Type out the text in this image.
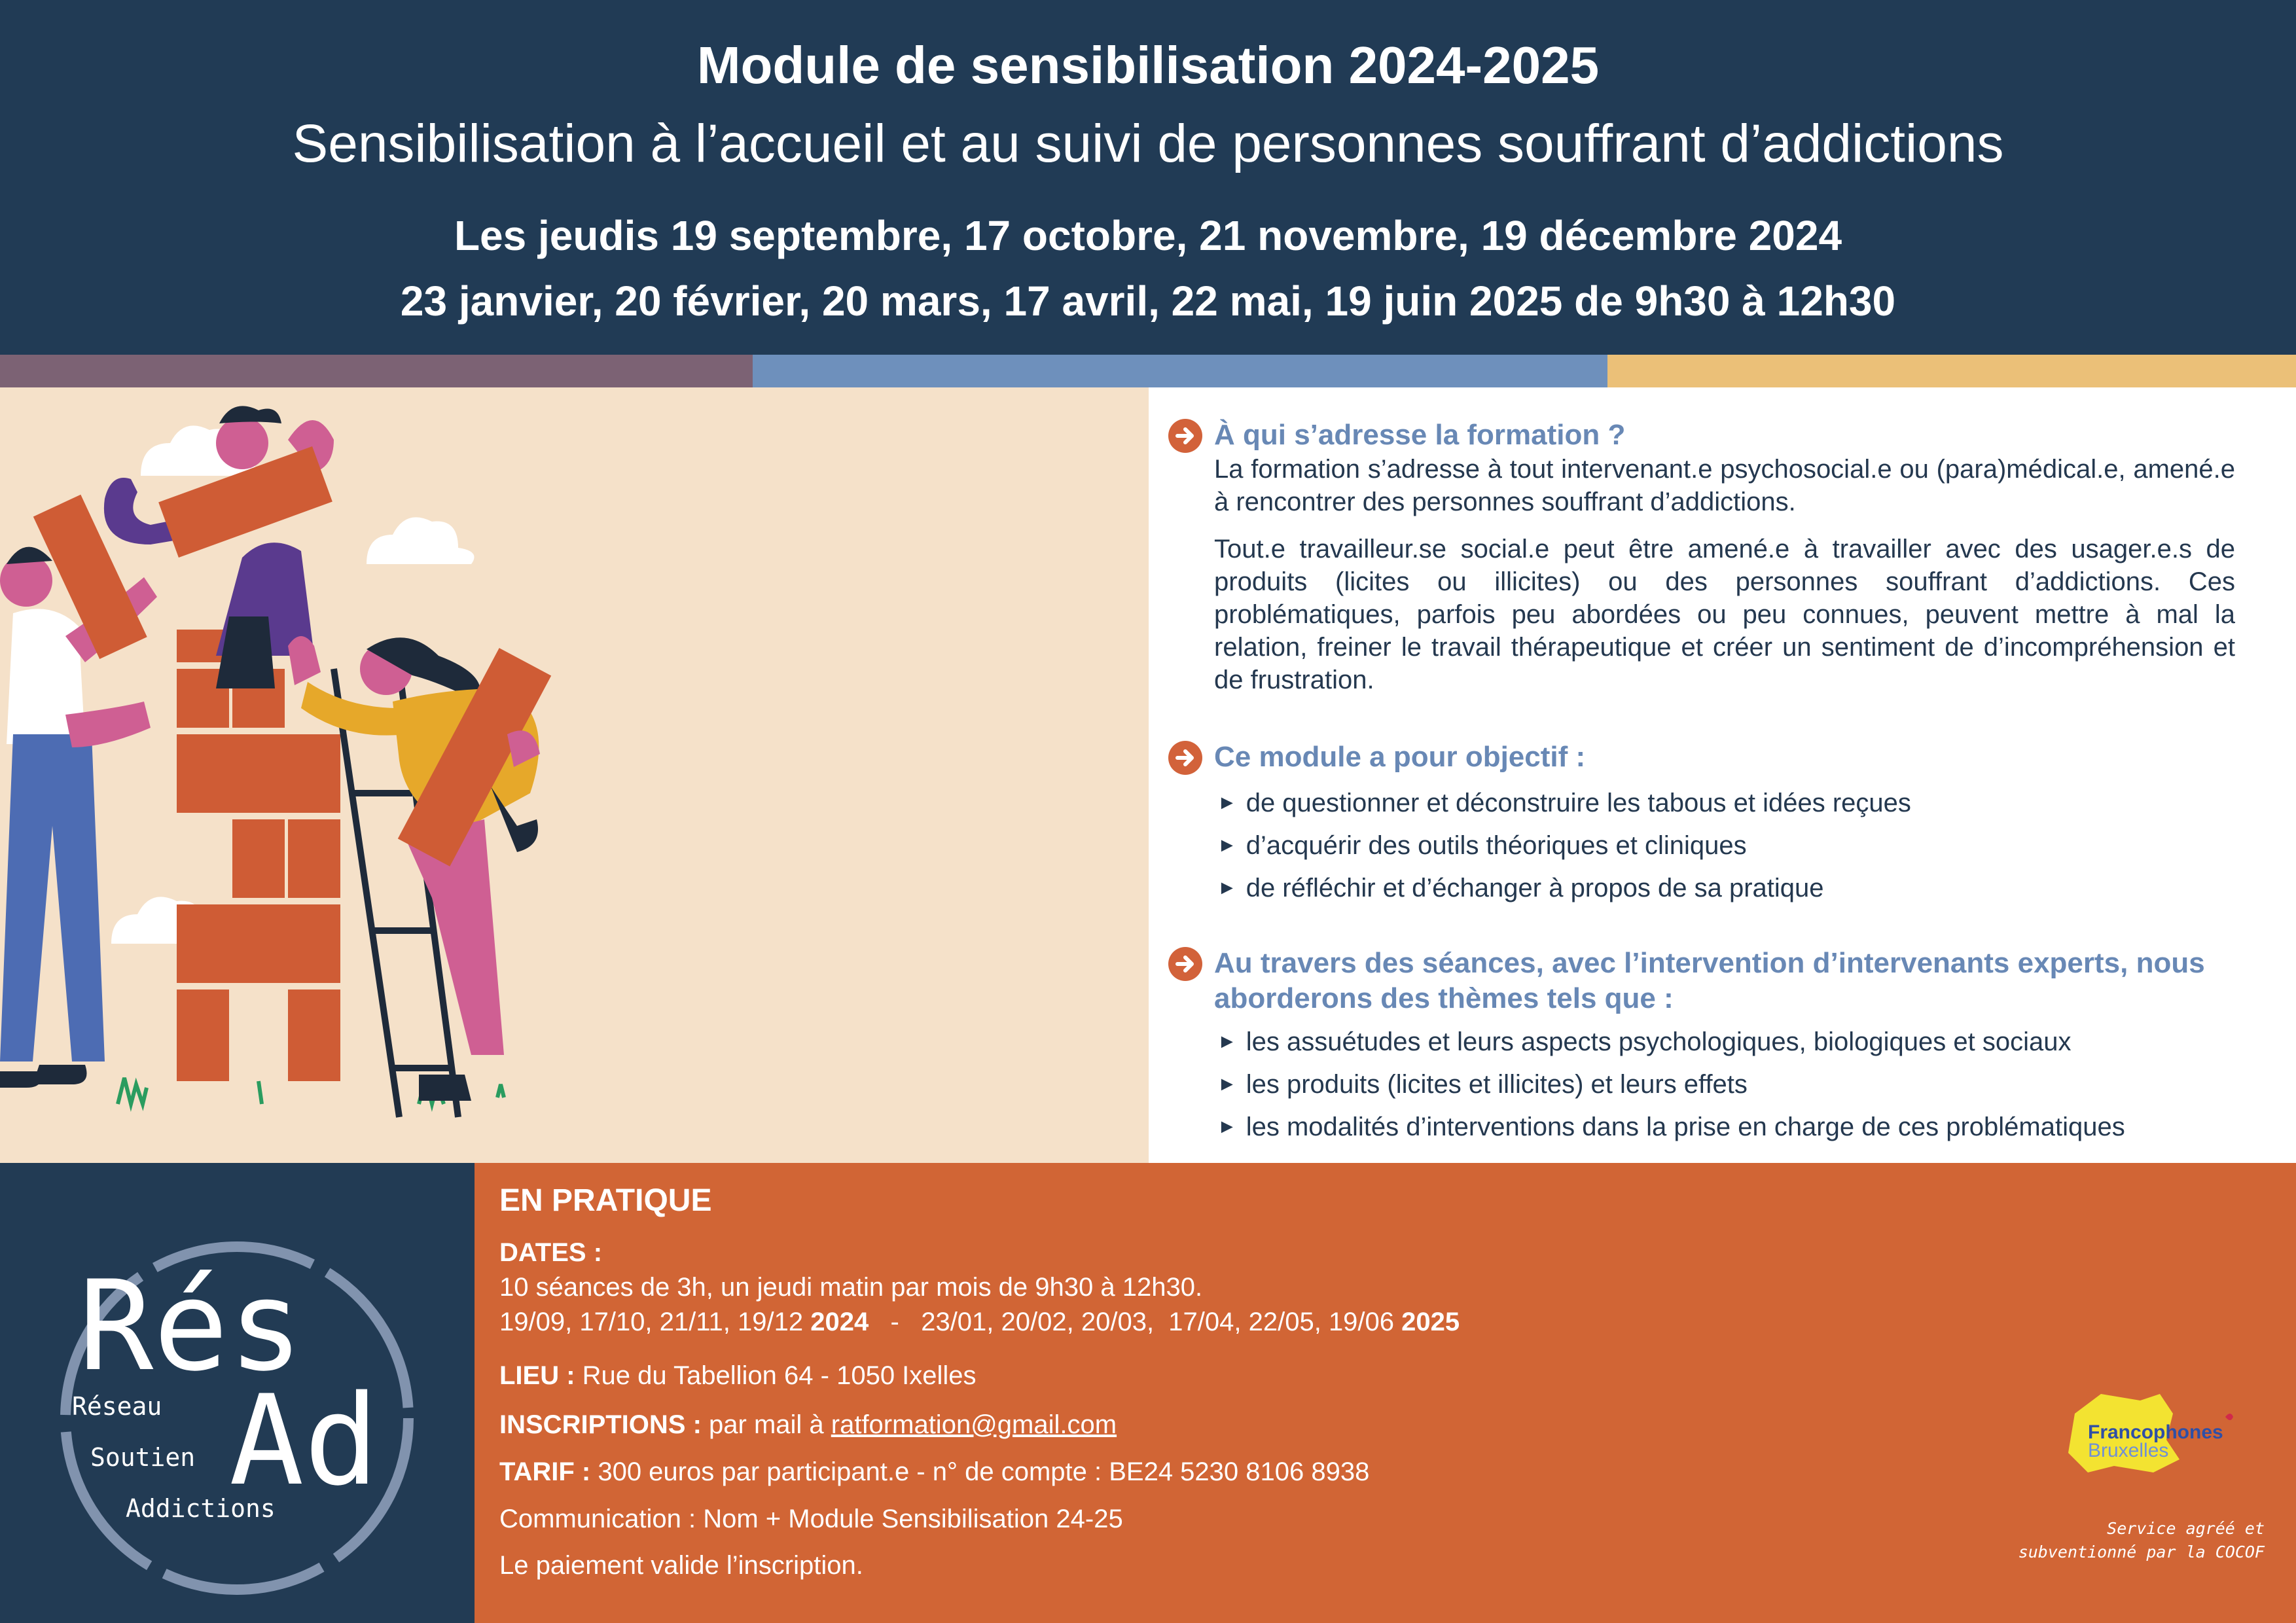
Module de sensibilisation 2024-2025
Sensibilisation à l’accueil et au suivi de personnes souffrant d’addictions
Les jeudis 19 septembre, 17 octobre, 21 novembre, 19 décembre 2024
23 janvier, 20 février, 20 mars, 17 avril, 22 mai, 19 juin 2025 de 9h30 à 12h30
À qui s’adresse la formation ?
La formation s’adresse à tout intervenant.e psychosocial.e ou (para)médical.e, amené.e à rencontrer des personnes souffrant d’addictions.
Tout.e travailleur.se social.e peut être amené.e à travailler avec des usager.e.s de produits (licites ou illicites) ou des personnes souffrant d’addictions. Ces problématiques, parfois peu abordées ou peu connues, peuvent mettre à mal la relation, freiner le travail thérapeutique et créer un sentiment de d’incompréhension et de frustration.
Ce module a pour objectif :
► de questionner et déconstruire les tabous et idées reçues
► d’acquérir des outils théoriques et cliniques
► de réfléchir et d’échanger à propos de sa pratique
Au travers des séances, avec l’intervention d’intervenants experts, nous aborderons des thèmes tels que :
► les assuétudes et leurs aspects psychologiques, biologiques et sociaux
► les produits (licites et illicites) et leurs effets
► les modalités d’interventions dans la prise en charge de ces problématiques
Rés
Ad
Réseau
Soutien
Addictions
EN PRATIQUE
DATES :
10 séances de 3h, un jeudi matin par mois de 9h30 à 12h30.
19/09, 17/10, 21/11, 19/12 2024   -   23/01, 20/02, 20/03,  17/04, 22/05, 19/06 2025
LIEU : Rue du Tabellion 64 - 1050 Ixelles
INSCRIPTIONS : par mail à ratformation@gmail.com
TARIF : 300 euros par participant.e - n° de compte : BE24 5230 8106 8938
Communication : Nom + Module Sensibilisation 24-25
Le paiement valide l’inscription.
Francophones
Bruxelles
Service agréé et
subventionné par la COCOF
